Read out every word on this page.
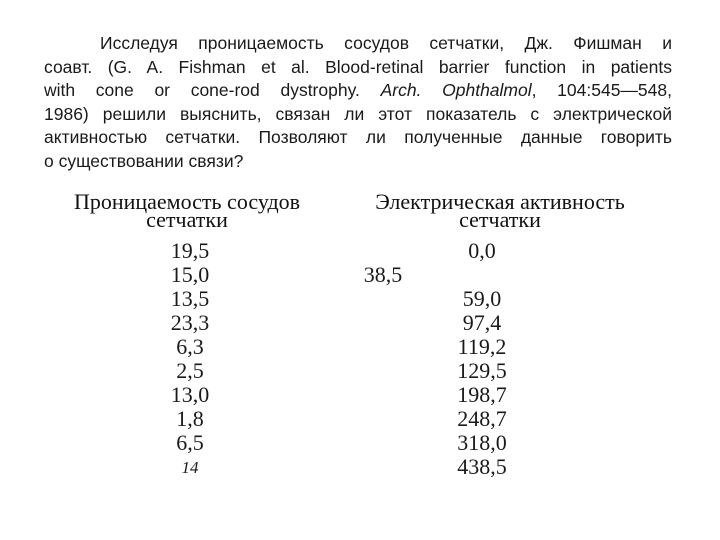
Исследуя проницаемость сосудов сетчатки, Дж. Фишман и
соавт. (G. A. Fishman et al. Blood-retinal barrier function in patients
with cone or cone-rod dystrophy. Arch. Ophthalmol, 104:545—548,
1986) решили выяснить, связан ли этот показатель с электрической
активностью сетчатки. Позволяют ли полученные данные говорить
о существовании связи?
Проницаемость сосудов
сетчатки
Электрическая активность
сетчатки
19,5
15,0
13,5
23,3
6,3
2,5
13,0
1,8
6,5
14
0,0
38,5
59,0
97,4
119,2
129,5
198,7
248,7
318,0
438,5
